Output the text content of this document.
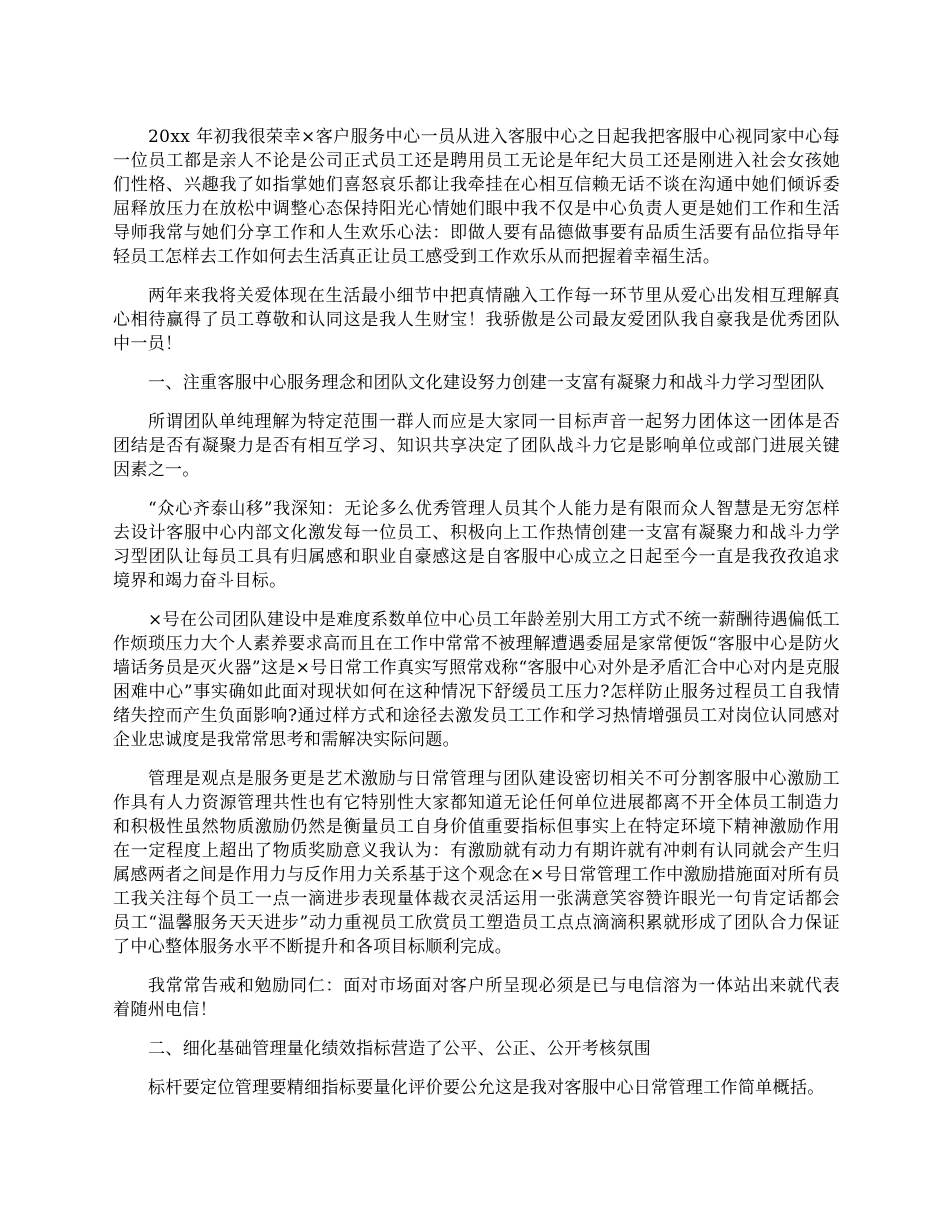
20xx 年初我很荣幸×客户服务中心一员从进入客服中心之日起我把客服中心视同家中心每一位员工都是亲人不论是公司正式员工还是聘用员工无论是年纪大员工还是刚进入社会女孩她们性格、兴趣我了如指掌她们喜怒哀乐都让我牵挂在心相互信赖无话不谈在沟通中她们倾诉委屈释放压力在放松中调整心态保持阳光心情她们眼中我不仅是中心负责人更是她们工作和生活导师我常与她们分享工作和人生欢乐心法：即做人要有品德做事要有品质生活要有品位指导年轻员工怎样去工作如何去生活真正让员工感受到工作欢乐从而把握着幸福生活。

两年来我将关爱体现在生活最小细节中把真情融入工作每一环节里从爱心出发相互理解真心相待赢得了员工尊敬和认同这是我人生财宝！我骄傲是公司最友爱团队我自豪我是优秀团队中一员！

一、注重客服中心服务理念和团队文化建设努力创建一支富有凝聚力和战斗力学习型团队

所谓团队单纯理解为特定范围一群人而应是大家同一目标声音一起努力团体这一团体是否团结是否有凝聚力是否有相互学习、知识共享决定了团队战斗力它是影响单位或部门进展关键因素之一。

“众心齐泰山移”我深知：无论多么优秀管理人员其个人能力是有限而众人智慧是无穷怎样去设计客服中心内部文化激发每一位员工、积极向上工作热情创建一支富有凝聚力和战斗力学习型团队让每员工具有归属感和职业自豪感这是自客服中心成立之日起至今一直是我孜孜追求境界和竭力奋斗目标。

×号在公司团队建设中是难度系数单位中心员工年龄差别大用工方式不统一薪酬待遇偏低工作烦琐压力大个人素养要求高而且在工作中常常不被理解遭遇委屈是家常便饭“客服中心是防火墙话务员是灭火器”这是×号日常工作真实写照常戏称“客服中心对外是矛盾汇合中心对内是克服困难中心”事实确如此面对现状如何在这种情况下舒缓员工压力?怎样防止服务过程员工自我情绪失控而产生负面影响?通过样方式和途径去激发员工工作和学习热情增强员工对岗位认同感对企业忠诚度是我常常思考和需解决实际问题。

管理是观点是服务更是艺术激励与日常管理与团队建设密切相关不可分割客服中心激励工作具有人力资源管理共性也有它特别性大家都知道无论任何单位进展都离不开全体员工制造力和积极性虽然物质激励仍然是衡量员工自身价值重要指标但事实上在特定环境下精神激励作用在一定程度上超出了物质奖励意义我认为：有激励就有动力有期许就有冲刺有认同就会产生归属感两者之间是作用力与反作用力关系基于这个观念在×号日常管理工作中激励措施面对所有员工我关注每个员工一点一滴进步表现量体裁衣灵活运用一张满意笑容赞许眼光一句肯定话都会员工“温馨服务天天进步”动力重视员工欣赏员工塑造员工点点滴滴积累就形成了团队合力保证了中心整体服务水平不断提升和各项目标顺利完成。

我常常告戒和勉励同仁：面对市场面对客户所呈现必须是已与电信溶为一体站出来就代表着随州电信！

二、细化基础管理量化绩效指标营造了公平、公正、公开考核氛围

标杆要定位管理要精细指标要量化评价要公允这是我对客服中心日常管理工作简单概括。
